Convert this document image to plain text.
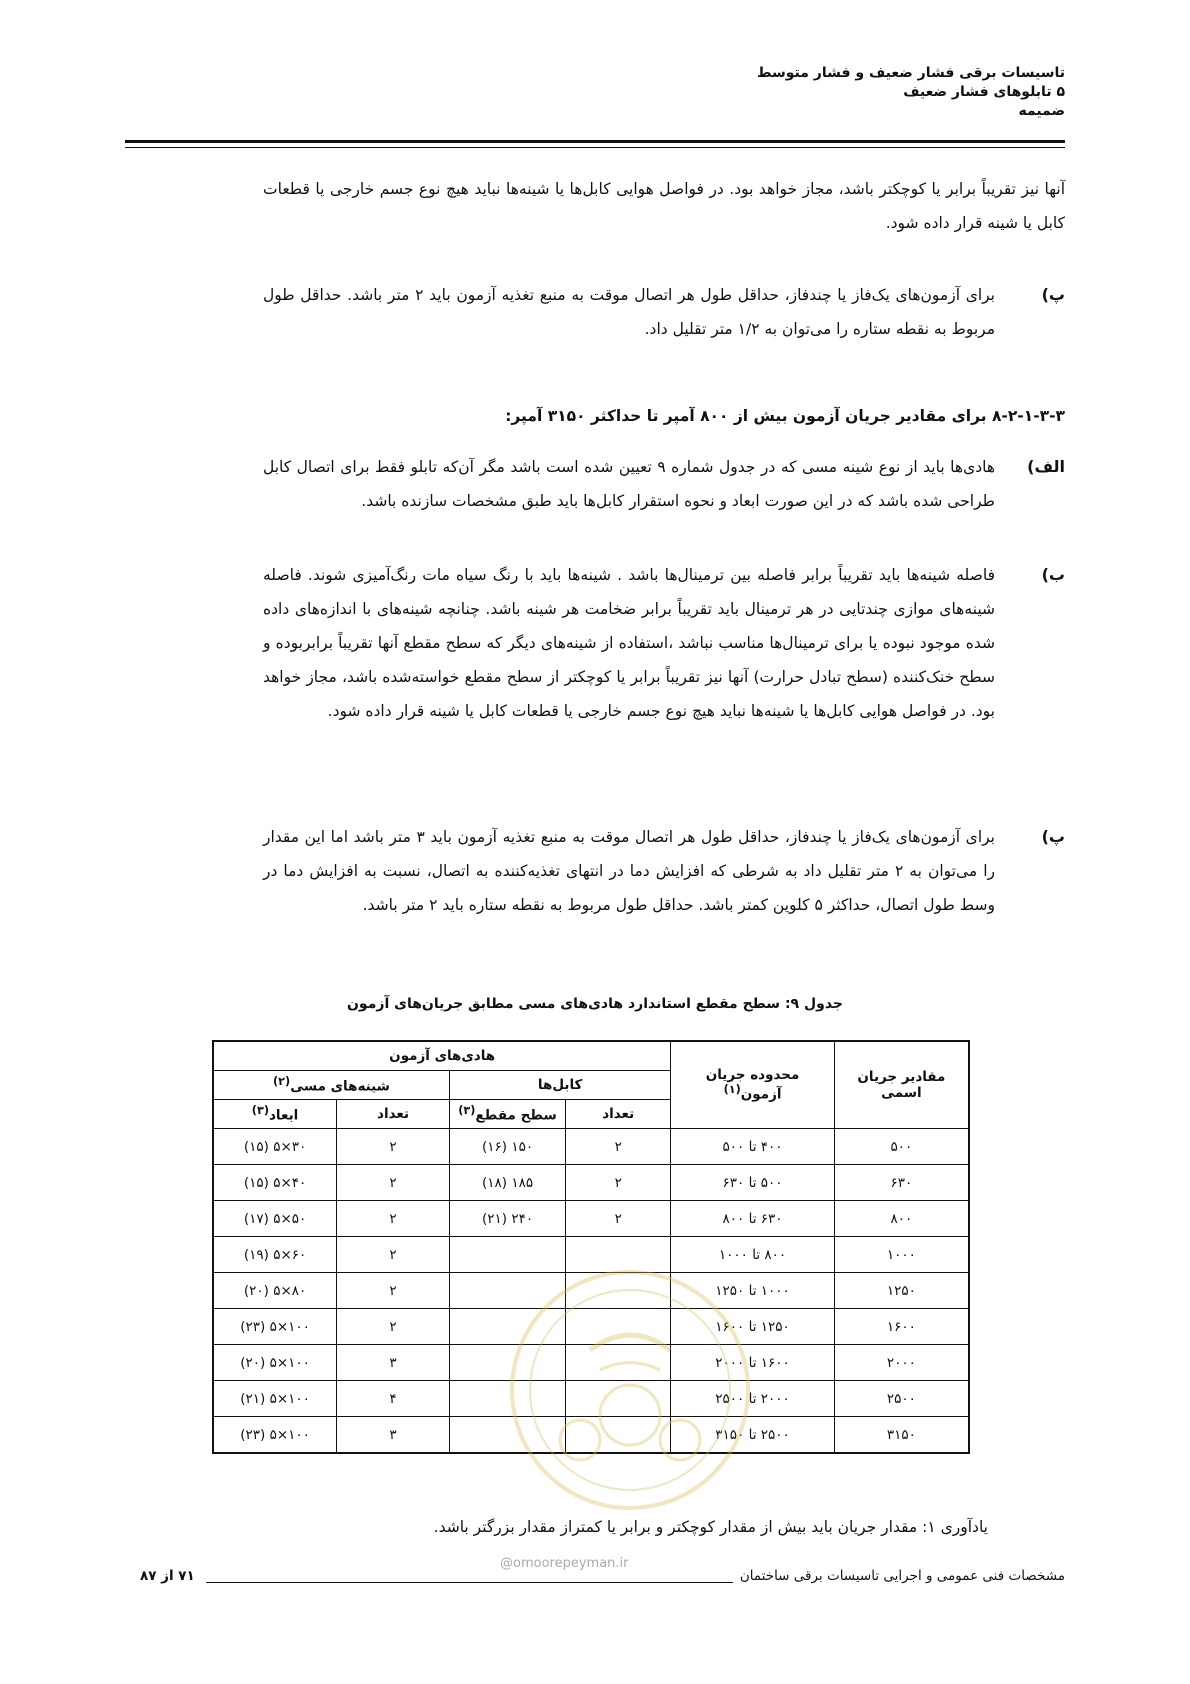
تاسیسات برقی فشار ضعیف و فشار متوسط
۵ تابلوهای فشار ضعیف
ضمیمه
آنها نیز تقریباً برابر یا کوچکتر باشد، مجاز خواهد بود. در فواصل هوایی کابل‌ها یا شینه‌ها نباید هیچ نوع جسم خارجی یا قطعات کابل یا شینه قرار داده شود.
پ)
برای آزمون‌های یک‌فاز یا چندفاز، حداقل طول هر اتصال موقت به منبع تغذیه آزمون باید ۲ متر باشد. حداقل طول مربوط به نقطه ستاره را می‌توان به ۱/۲ متر تقلیل داد.
۸-۲-۱-۳-۳ برای مقادیر جریان آزمون بیش از ۸۰۰ آمپر تا حداکثر ۳۱۵۰ آمپر:
الف)
هادی‌ها باید از نوع شینه مسی که در جدول شماره ۹ تعیین شده است باشد مگر آن‌که تابلو فقط برای اتصال کابل طراحی شده باشد که در این صورت ابعاد و نحوه استقرار کابل‌ها باید طبق مشخصات سازنده باشد.
ب)
فاصله شینه‌ها باید تقریباً برابر فاصله بین ترمینال‌ها باشد . شینه‌ها باید با رنگ سیاه مات رنگ‌آمیزی شوند. فاصله شینه‌های موازی چندتایی در هر ترمینال باید تقریباً برابر ضخامت هر شینه باشد. چنانچه شینه‌های با اندازه‌های داده شده موجود نبوده یا برای ترمینال‌ها مناسب نباشد ،استفاده از شینه‌های دیگر که سطح مقطع آنها تقریباً برابربوده و سطح خنک‌کننده (سطح تبادل حرارت) آنها نیز تقریباً برابر یا کوچکتر از سطح مقطع خواسته‌شده باشد، مجاز خواهد بود. در فواصل هوایی کابل‌ها یا شینه‌ها نباید هیچ نوع جسم خارجی یا قطعات کابل یا شینه قرار داده شود.
پ)
برای آزمون‌های یک‌فاز یا چندفاز، حداقل طول هر اتصال موقت به منبع تغذیه آزمون باید ۳ متر باشد اما این مقدار را می‌توان به ۲ متر تقلیل داد به شرطی که افزایش دما در انتهای تغذیه‌کننده به اتصال، نسبت به افزایش دما در وسط طول اتصال، حداکثر ۵ کلوین کمتر باشد. حداقل طول مربوط به نقطه ستاره باید ۲ متر باشد.
جدول ۹: سطح مقطع استاندارد هادی‌های مسی مطابق جریان‌های آزمون
مقادیر جریان اسمی	محدوده جریان آزمون$^{(۱)}$	هادی‌های آزمون			
		کابل‌ها		شینه‌های مسی$^{(۲)}$
		تعداد	سطح مقطع$^{(۳)}$	تعداد	ابعاد$^{(۳)}$
۵۰۰	۴۰۰ تا ۵۰۰	۲	۱۵۰ (۱۶)	۲	۳۰×۵ (۱۵)
۶۳۰	۵۰۰ تا ۶۳۰	۲	۱۸۵ (۱۸)	۲	۴۰×۵ (۱۵)
۸۰۰	۶۳۰ تا ۸۰۰	۲	۲۴۰ (۲۱)	۲	۵۰×۵ (۱۷)
۱۰۰۰	۸۰۰ تا ۱۰۰۰			۲	۶۰×۵ (۱۹)
۱۲۵۰	۱۰۰۰ تا ۱۲۵۰			۲	۸۰×۵ (۲۰)
۱۶۰۰	۱۲۵۰ تا ۱۶۰۰			۲	۱۰۰×۵ (۲۳)
۲۰۰۰	۱۶۰۰ تا ۲۰۰۰			۳	۱۰۰×۵ (۲۰)
۲۵۰۰	۲۰۰۰ تا ۲۵۰۰			۴	۱۰۰×۵ (۲۱)
۳۱۵۰	۲۵۰۰ تا ۳۱۵۰			۳	۱۰۰×۵ (۲۳)
یادآوری ۱: مقدار جریان باید بیش از مقدار کوچکتر و برابر یا کمتراز مقدار بزرگتر باشد.
@omoorepeyman.ir
مشخصات فنی عمومی و اجرایی تاسیسات برقی ساختمان
۷۱ از ۸۷
